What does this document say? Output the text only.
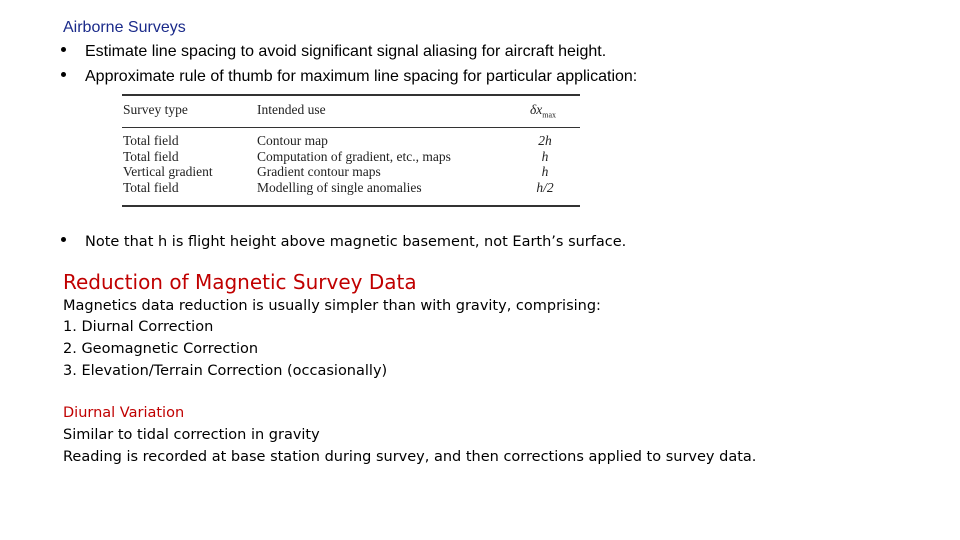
Airborne Surveys
Estimate line spacing to avoid significant signal aliasing for aircraft height.
Approximate rule of thumb for maximum line spacing for particular application:
Survey type	Intended use	$\delta x_{max}$
Total field	Contour map	2h
Total field	Computation of gradient, etc., maps	h
Vertical gradient	Gradient contour maps	h
Total field	Modelling of single anomalies	h/2
Note that h is flight height above magnetic basement, not Earth’s surface.
Reduction of Magnetic Survey Data
Magnetics data reduction is usually simpler than with gravity, comprising:
1. Diurnal Correction
2. Geomagnetic Correction
3. Elevation/Terrain Correction (occasionally)
Diurnal Variation
Similar to tidal correction in gravity
Reading is recorded at base station during survey, and then corrections applied to survey data.
